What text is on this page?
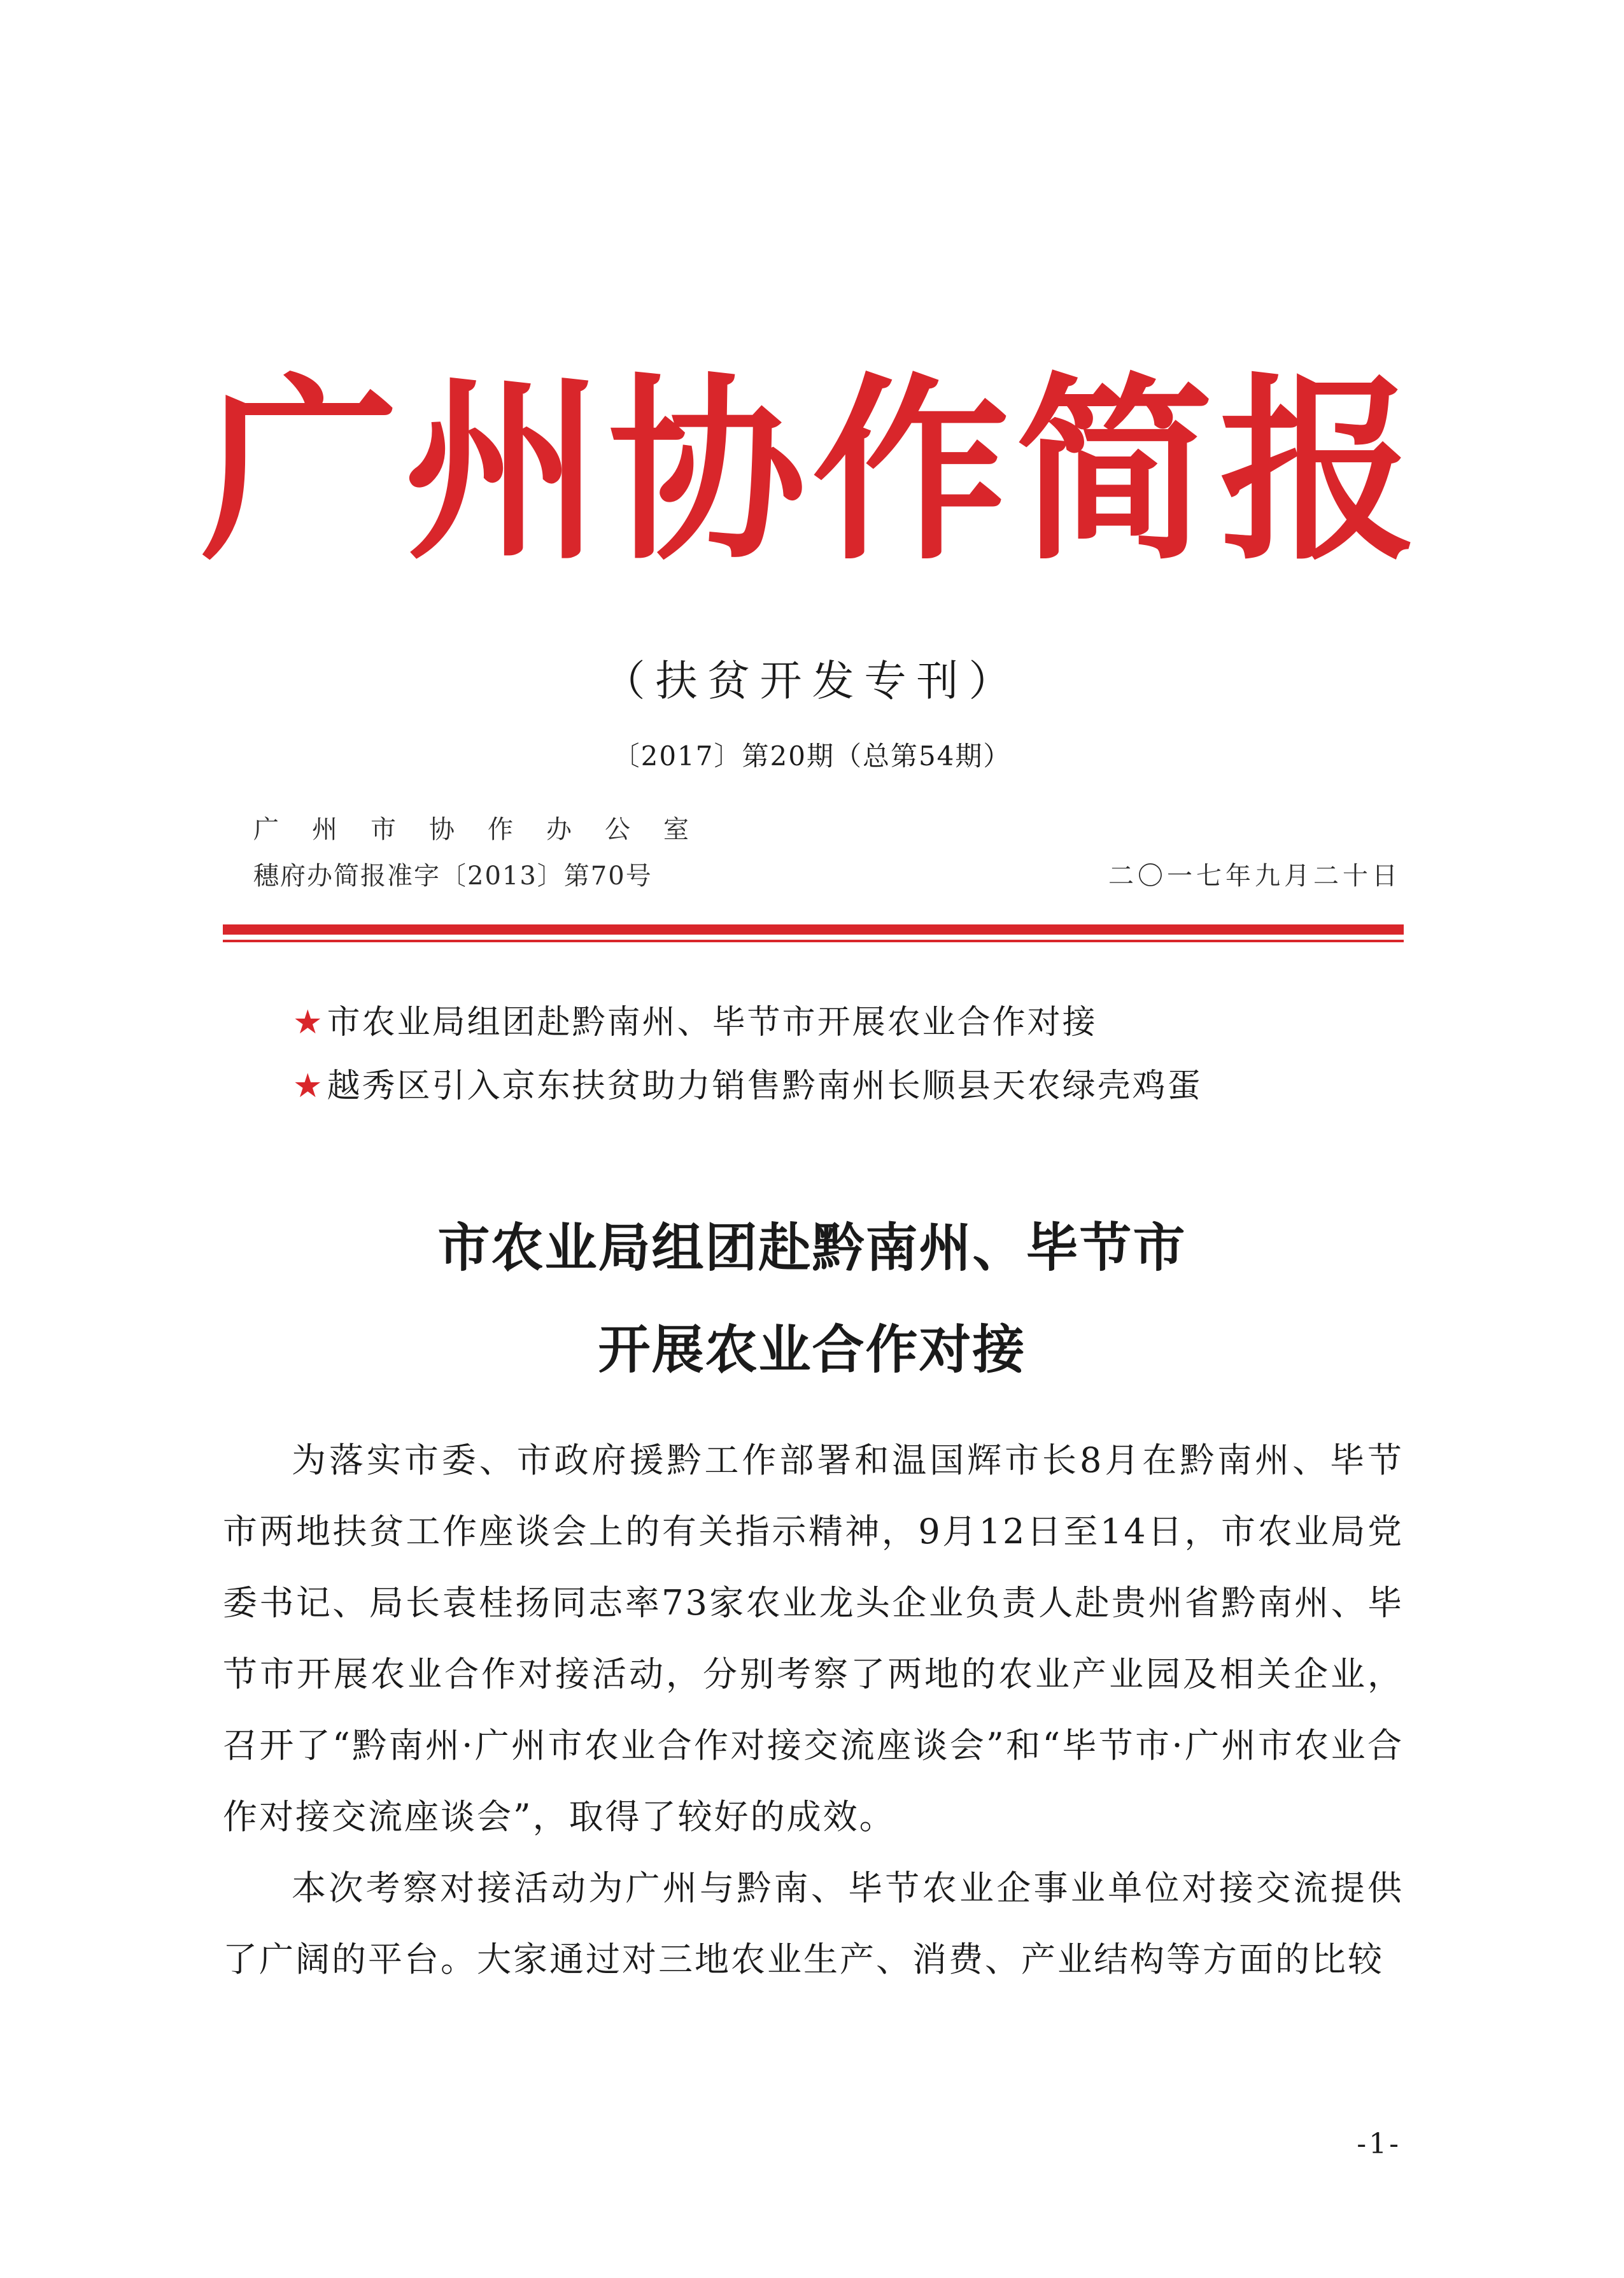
广州协作简报
（扶贫开发专刊）
〔2017〕第20期（总第54期）
广州市协作办公室
穗府办简报准字〔2013〕第70号	二〇一七年九月二十日
★市农业局组团赴黔南州、毕节市开展农业合作对接
★越秀区引入京东扶贫助力销售黔南州长顺县天农绿壳鸡蛋
市农业局组团赴黔南州、毕节市
开展农业合作对接

为落实市委、市政府援黔工作部署和温国辉市长8月在黔南州、毕节市两地扶贫工作座谈会上的有关指示精神，9月12日至14日，市农业局党委书记、局长袁桂扬同志率73家农业龙头企业负责人赴贵州省黔南州、毕节市开展农业合作对接活动，分别考察了两地的农业产业园及相关企业，召开了“黔南州·广州市农业合作对接交流座谈会”和“毕节市·广州市农业合作对接交流座谈会”，取得了较好的成效。

本次考察对接活动为广州与黔南、毕节农业企事业单位对接交流提供了广阔的平台。大家通过对三地农业生产、消费、产业结构等方面的比较

-1-
